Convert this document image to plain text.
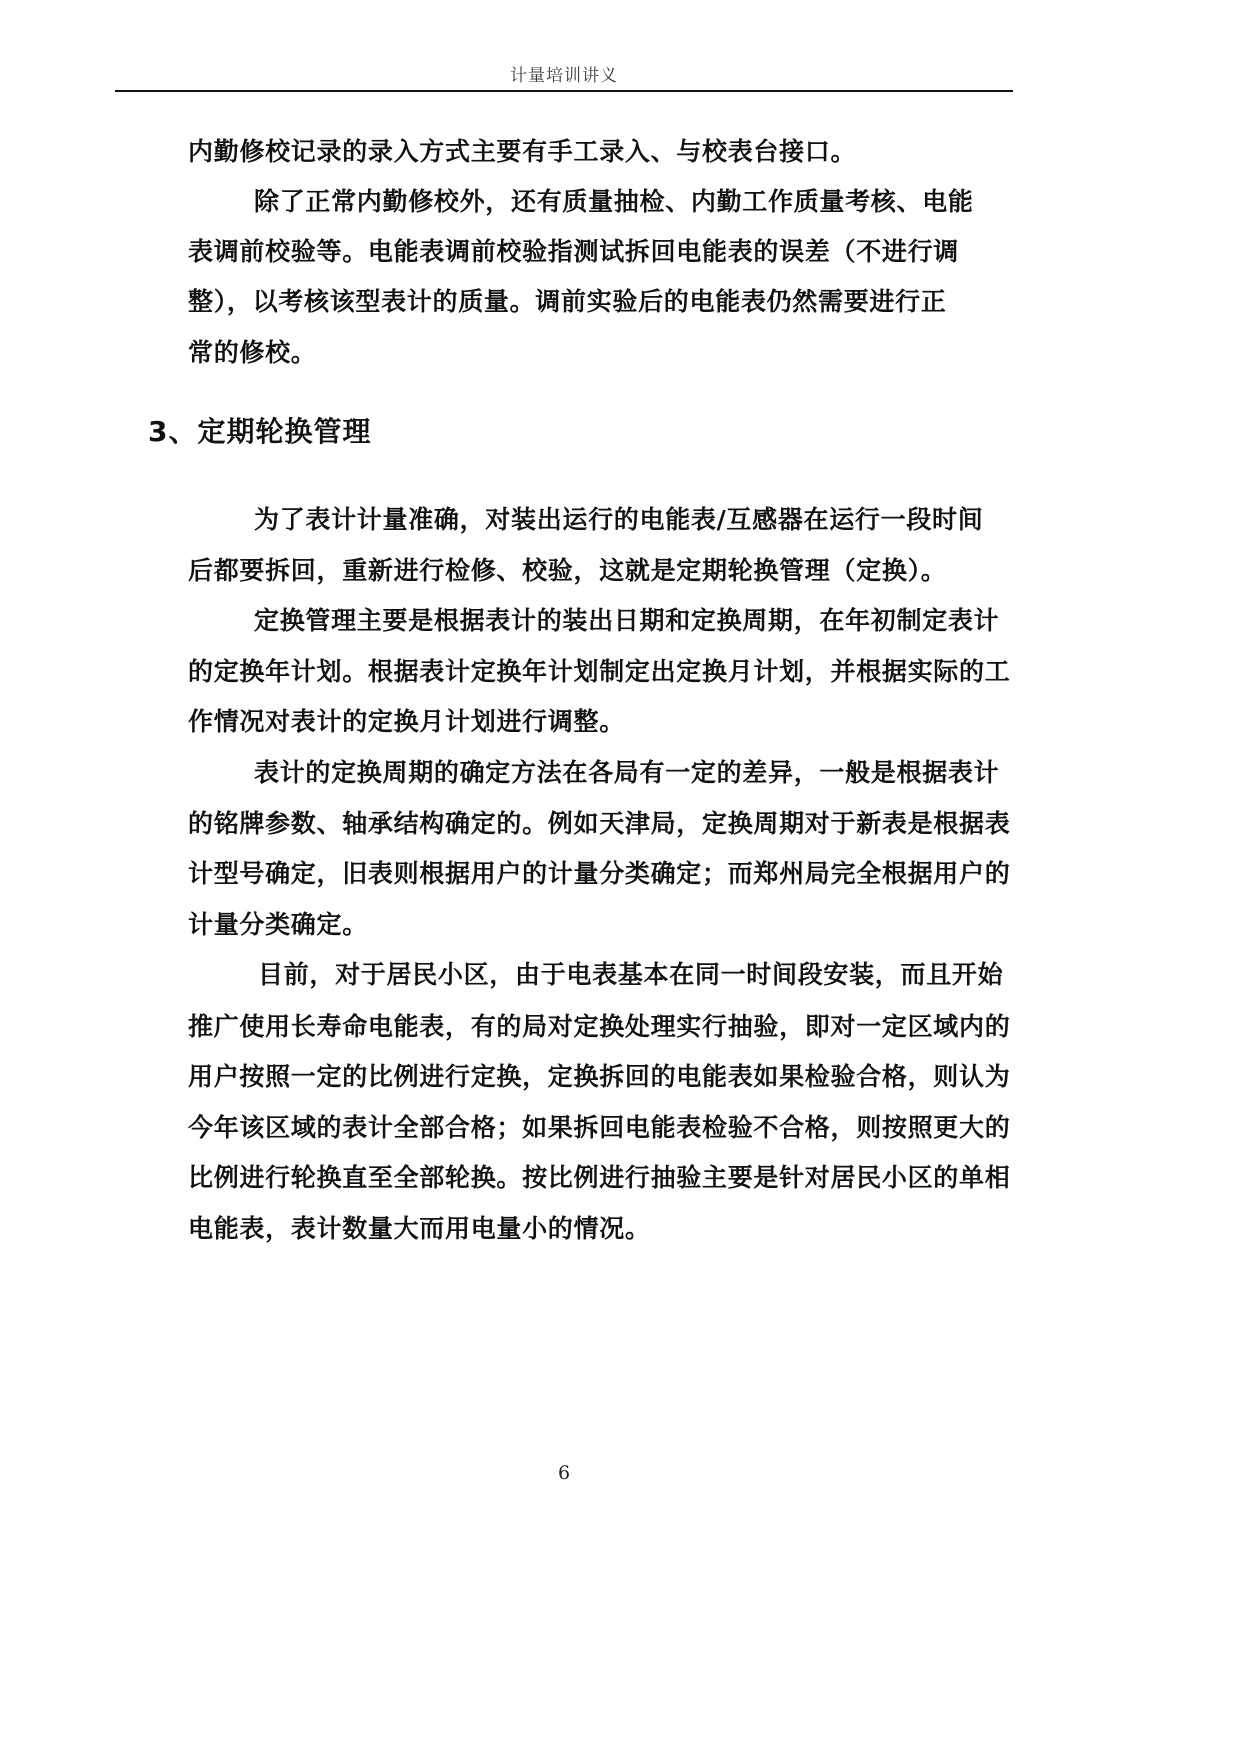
计量培训讲义
内勤修校记录的录入方式主要有手工录入、与校表台接口。
除了正常内勤修校外，还有质量抽检、内勤工作质量考核、电能
表调前校验等。电能表调前校验指测试拆回电能表的误差（不进行调
整），以考核该型表计的质量。调前实验后的电能表仍然需要进行正
常的修校。
3、定期轮换管理
为了表计计量准确，对装出运行的电能表/互感器在运行一段时间
后都要拆回，重新进行检修、校验，这就是定期轮换管理（定换）。
定换管理主要是根据表计的装出日期和定换周期，在年初制定表计
的定换年计划。根据表计定换年计划制定出定换月计划，并根据实际的工
作情况对表计的定换月计划进行调整。
表计的定换周期的确定方法在各局有一定的差异，一般是根据表计
的铭牌参数、轴承结构确定的。例如天津局，定换周期对于新表是根据表
计型号确定，旧表则根据用户的计量分类确定；而郑州局完全根据用户的
计量分类确定。
目前，对于居民小区，由于电表基本在同一时间段安装，而且开始
推广使用长寿命电能表，有的局对定换处理实行抽验，即对一定区域内的
用户按照一定的比例进行定换，定换拆回的电能表如果检验合格，则认为
今年该区域的表计全部合格；如果拆回电能表检验不合格，则按照更大的
比例进行轮换直至全部轮换。按比例进行抽验主要是针对居民小区的单相
电能表，表计数量大而用电量小的情况。
6
